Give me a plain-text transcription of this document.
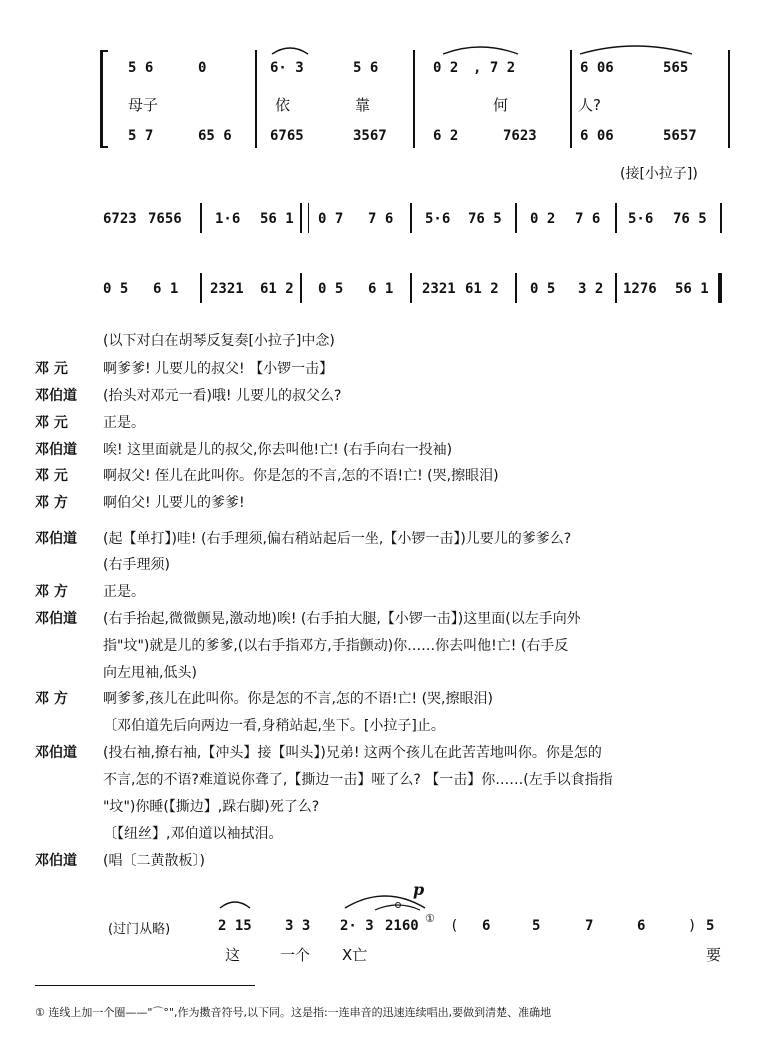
5 6	0	6· 3	5 6	0 2 , 7 2	6 06	565
母子	依	靠	何	人?
5 7	65 6	6765	3567	6 2	7623	6 06	5657
(接[小拉子])
6723 7656 1·6 56 1 0 7 7 6 5·6 76 5 0 2 7 6 5·6 76 5
0 5 6 1 2321 61 2 0 5 6 1 2321 61 2 0 5 3 2 1276 56 1
(以下对白在胡琴反复奏[小拉子]中念)
邓 元	啊爹爹! 儿要儿的叔父! 【小锣一击】
邓伯道 (抬头对邓元一看)哦! 儿要儿的叔父么?
邓 元	正是。
邓伯道 唉! 这里面就是儿的叔父,你去叫他!亡! (右手向右一投袖)
邓 元	啊叔父! 侄儿在此叫你。你是怎的不言,怎的不语!亡! (哭,擦眼泪)
邓 方	啊伯父! 儿要儿的爹爹!
邓伯道 (起【单打】)哇! (右手理须,偏右稍站起后一坐,【小锣一击】)儿要儿的爹爹么?
(右手理须)
邓 方	正是。
邓伯道 (右手抬起,微微颤晃,激动地)唉! (右手拍大腿,【小锣一击】)这里面(以左手向外
指"坟")就是儿的爹爹,(以右手指邓方,手指颤动)你……你去叫他!亡! (右手反
向左甩袖,低头)
邓 方	啊爹爹,孩儿在此叫你。你是怎的不言,怎的不语!亡! (哭,擦眼泪)
〔邓伯道先后向两边一看,身稍站起,坐下。[小拉子]止。
邓伯道 (投右袖,撩右袖,【冲头】接【叫头】)兄弟! 这两个孩儿在此苦苦地叫你。你是怎的
不言,怎的不语?难道说你聋了,【撕边一击】哑了么? 【一击】你……(左手以食指指
"坟")你睡(【撕边】,跺右脚)死了么?
〔【纽丝】,邓伯道以袖拭泪。
邓伯道 (唱〔二黄散板〕)
(过门从略)
p
2 15 3 3 2· 3 2160 ① ( 6	5	7	6	) 5
这	一个 X亡	要
① 连线上加一个圈——"⌒°",作为擞音符号,以下同。这是指:一连串音的迅速连续唱出,要做到清楚、准确地
